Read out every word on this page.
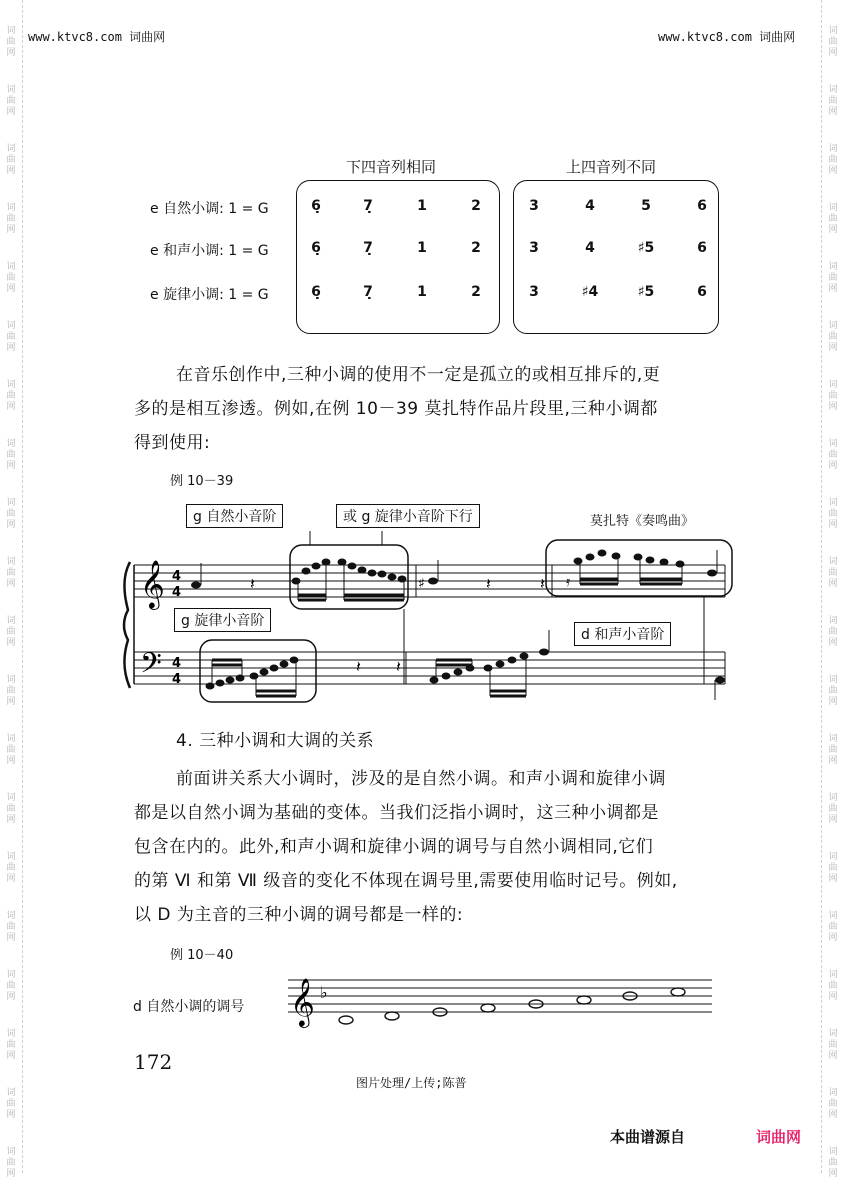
词
曲
网
词
曲
网
词
曲
网
词
曲
网
词
曲
网
词
曲
网
词
曲
网
词
曲
网
词
曲
网
词
曲
网
词
曲
网
词
曲
网
词
曲
网
词
曲
网
词
曲
网
词
曲
网
词
曲
网
词
曲
网
词
曲
网
词
曲
网
词
曲
网
词
曲
网
词
曲
网
词
曲
网
词
曲
网
词
曲
网
词
曲
网
词
曲
网
词
曲
网
词
曲
网
词
曲
网
词
曲
网
词
曲
网
词
曲
网
词
曲
网
词
曲
网
词
曲
网
词
曲
网
词
曲
网
词
曲
网
www.ktvc8.com 词曲网	www.ktvc8.com 词曲网
下四音列相同	上四音列不同
e 自然小调: 1 = G	6̣	7̣	1	2	3	4	5	6
e 和声小调: 1 = G	6̣	7̣	1	2	3	4	♯5	6
e 旋律小调: 1 = G	6̣	7̣	1	2	3	♯4	♯5	6
在音乐创作中,三种小调的使用不一定是孤立的或相互排斥的,更
多的是相互渗透。例如,在例 10－39 莫扎特作品片段里,三种小调都
得到使用:
例 10－39
莫扎特《奏鸣曲》
𝄞
𝄢
4
4
4
4
𝄽	♯	𝄽	𝄽 𝄿
𝄽 𝄽
g 自然小音阶	或 g 旋律小音阶下行
g 旋律小音阶
d 和声小音阶
4. 三种小调和大调的关系
前面讲关系大小调时，涉及的是自然小调。和声小调和旋律小调
都是以自然小调为基础的变体。当我们泛指小调时，这三种小调都是
包含在内的。此外,和声小调和旋律小调的调号与自然小调相同,它们
的第 Ⅵ 和第 Ⅶ 级音的变化不体现在调号里,需要使用临时记号。例如,
以 D 为主音的三种小调的调号都是一样的:
例 10－40
d 自然小调的调号 𝄞 ♭
172
图片处理/上传;陈普
本曲谱源自	词曲网
